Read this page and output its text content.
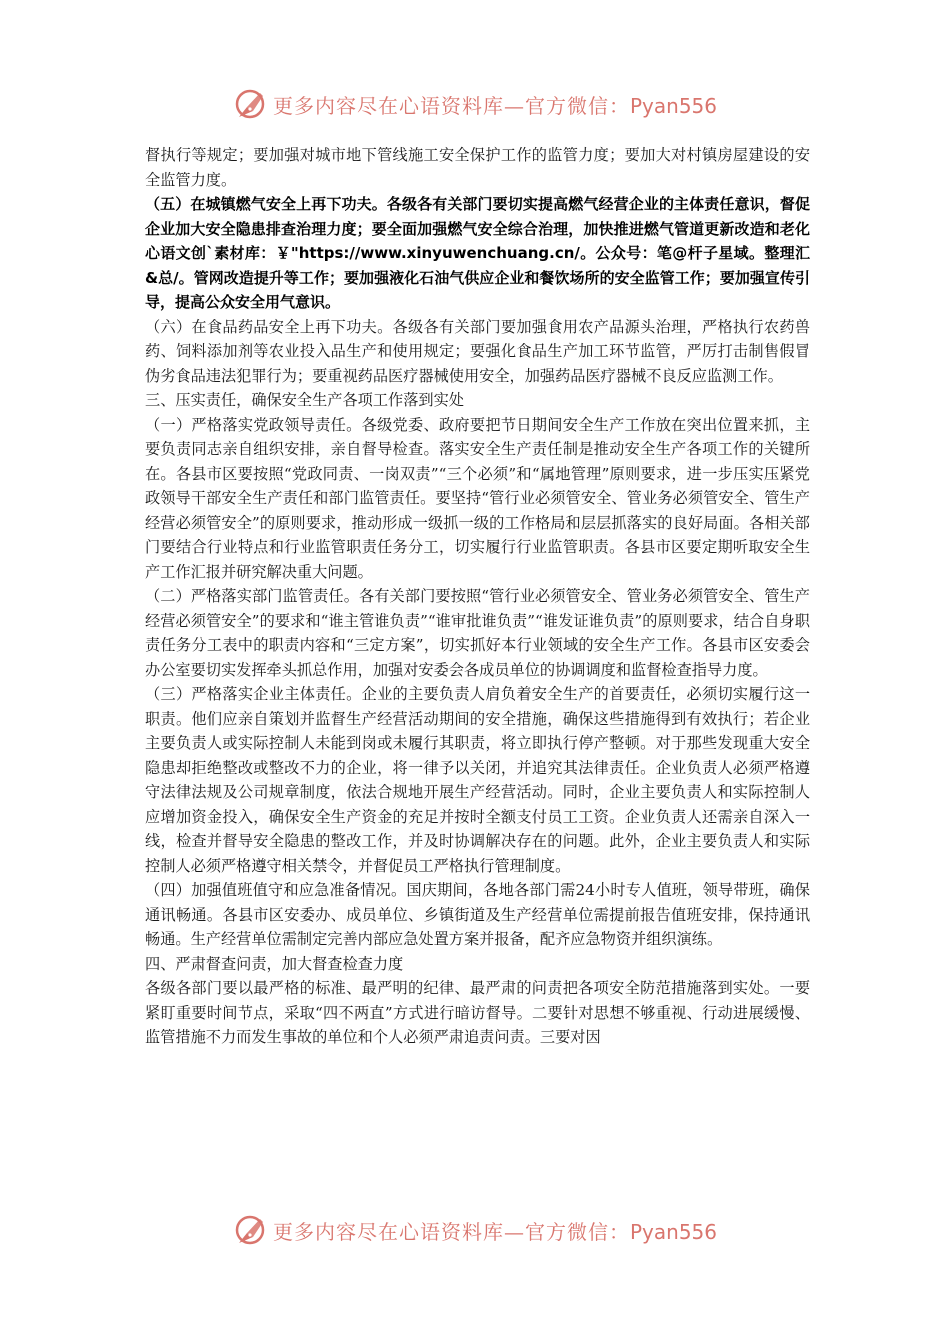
更多内容尽在心语资料库—官方微信：Pyan556

督执行等规定；要加强对城市地下管线施工安全保护工作的监管力度；要加大对村镇房屋建设的安全监管力度。

（五）在城镇燃气安全上再下功夫。各级各有关部门要切实提高燃气经营企业的主体责任意识，督促企业加大安全隐患排查治理力度；要全面加强燃气安全综合治理，加快推进燃气管道更新改造和老化心语文创`素材库：￥"https://www.xinyuwenchuang.cn/。公众号：笔@杆子星域。整理汇&总/。管网改造提升等工作；要加强液化石油气供应企业和餐饮场所的安全监管工作；要加强宣传引导，提高公众安全用气意识。

（六）在食品药品安全上再下功夫。各级各有关部门要加强食用农产品源头治理，严格执行农药兽药、饲料添加剂等农业投入品生产和使用规定；要强化食品生产加工环节监管，严厉打击制售假冒伪劣食品违法犯罪行为；要重视药品医疗器械使用安全，加强药品医疗器械不良反应监测工作。

三、压实责任，确保安全生产各项工作落到实处

（一）严格落实党政领导责任。各级党委、政府要把节日期间安全生产工作放在突出位置来抓，主要负责同志亲自组织安排，亲自督导检查。落实安全生产责任制是推动安全生产各项工作的关键所在。各县市区要按照“党政同责、一岗双责”“三个必须”和“属地管理”原则要求，进一步压实压紧党政领导干部安全生产责任和部门监管责任。要坚持“管行业必须管安全、管业务必须管安全、管生产经营必须管安全”的原则要求，推动形成一级抓一级的工作格局和层层抓落实的良好局面。各相关部门要结合行业特点和行业监管职责任务分工，切实履行行业监管职责。各县市区要定期听取安全生产工作汇报并研究解决重大问题。

（二）严格落实部门监管责任。各有关部门要按照“管行业必须管安全、管业务必须管安全、管生产经营必须管安全”的要求和“谁主管谁负责”“谁审批谁负责”“谁发证谁负责”的原则要求，结合自身职责任务分工表中的职责内容和“三定方案”，切实抓好本行业领域的安全生产工作。各县市区安委会办公室要切实发挥牵头抓总作用，加强对安委会各成员单位的协调调度和监督检查指导力度。

（三）严格落实企业主体责任。企业的主要负责人肩负着安全生产的首要责任，必须切实履行这一职责。他们应亲自策划并监督生产经营活动期间的安全措施，确保这些措施得到有效执行；若企业主要负责人或实际控制人未能到岗或未履行其职责，将立即执行停产整顿。对于那些发现重大安全隐患却拒绝整改或整改不力的企业，将一律予以关闭，并追究其法律责任。企业负责人必须严格遵守法律法规及公司规章制度，依法合规地开展生产经营活动。同时，企业主要负责人和实际控制人应增加资金投入，确保安全生产资金的充足并按时全额支付员工工资。企业负责人还需亲自深入一线，检查并督导安全隐患的整改工作，并及时协调解决存在的问题。此外，企业主要负责人和实际控制人必须严格遵守相关禁令，并督促员工严格执行管理制度。

（四）加强值班值守和应急准备情况。国庆期间，各地各部门需24小时专人值班，领导带班，确保通讯畅通。各县市区安委办、成员单位、乡镇街道及生产经营单位需提前报告值班安排，保持通讯畅通。生产经营单位需制定完善内部应急处置方案并报备，配齐应急物资并组织演练。

四、严肃督查问责，加大督查检查力度

各级各部门要以最严格的标准、最严明的纪律、最严肃的问责把各项安全防范措施落到实处。一要紧盯重要时间节点，采取“四不两直”方式进行暗访督导。二要针对思想不够重视、行动进展缓慢、监管措施不力而发生事故的单位和个人必须严肃追责问责。三要对因

更多内容尽在心语资料库—官方微信：Pyan556
